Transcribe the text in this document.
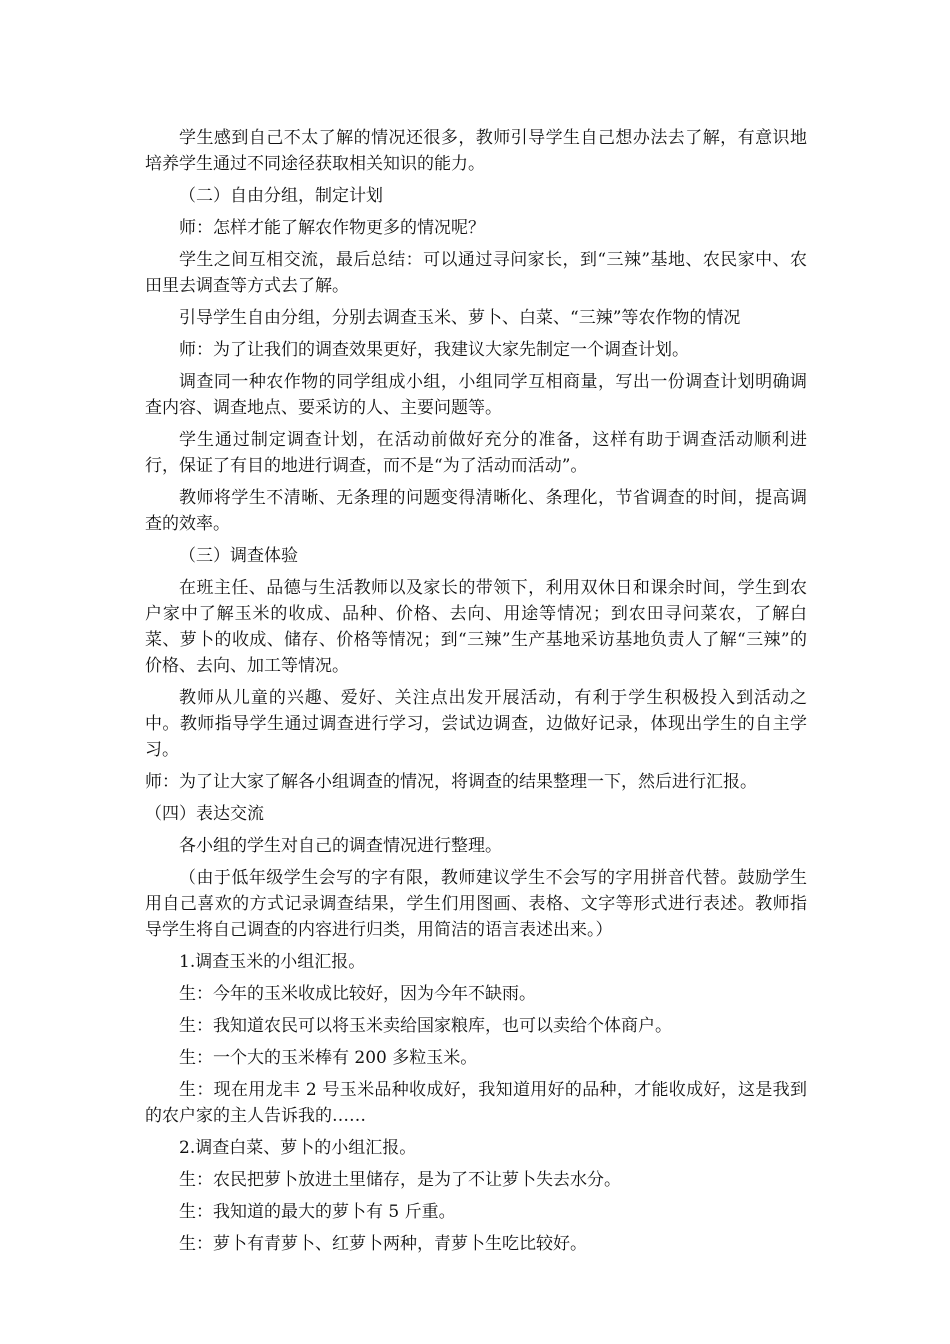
学生感到自己不太了解的情况还很多，教师引导学生自己想办法去了解，有意识地培养学生通过不同途径获取相关知识的能力。

（二）自由分组，制定计划

师：怎样才能了解农作物更多的情况呢？

学生之间互相交流，最后总结：可以通过寻问家长，到“三辣”基地、农民家中、农田里去调查等方式去了解。

引导学生自由分组，分别去调查玉米、萝卜、白菜、“三辣”等农作物的情况

师：为了让我们的调查效果更好，我建议大家先制定一个调查计划。

调查同一种农作物的同学组成小组，小组同学互相商量，写出一份调查计划明确调查内容、调查地点、要采访的人、主要问题等。

学生通过制定调查计划，在活动前做好充分的准备，这样有助于调查活动顺利进行，保证了有目的地进行调查，而不是“为了活动而活动”。

教师将学生不清晰、无条理的问题变得清晰化、条理化，节省调查的时间，提高调查的效率。

（三）调查体验

在班主任、品德与生活教师以及家长的带领下，利用双休日和课余时间，学生到农户家中了解玉米的收成、品种、价格、去向、用途等情况；到农田寻问菜农，了解白菜、萝卜的收成、储存、价格等情况；到“三辣”生产基地采访基地负责人了解“三辣”的价格、去向、加工等情况。

教师从儿童的兴趣、爱好、关注点出发开展活动，有利于学生积极投入到活动之中。教师指导学生通过调查进行学习，尝试边调查，边做好记录，体现出学生的自主学习。

师：为了让大家了解各小组调查的情况，将调查的结果整理一下，然后进行汇报。

（四）表达交流

各小组的学生对自己的调查情况进行整理。

（由于低年级学生会写的字有限，教师建议学生不会写的字用拼音代替。鼓励学生用自己喜欢的方式记录调查结果，学生们用图画、表格、文字等形式进行表述。教师指导学生将自己调查的内容进行归类，用简洁的语言表述出来。）

1.调查玉米的小组汇报。

生：今年的玉米收成比较好，因为今年不缺雨。

生：我知道农民可以将玉米卖给国家粮库，也可以卖给个体商户。

生：一个大的玉米棒有 200 多粒玉米。

生：现在用龙丰 2 号玉米品种收成好，我知道用好的品种，才能收成好，这是我到的农户家的主人告诉我的……

2.调查白菜、萝卜的小组汇报。

生：农民把萝卜放进土里储存，是为了不让萝卜失去水分。

生：我知道的最大的萝卜有 5 斤重。

生：萝卜有青萝卜、红萝卜两种，青萝卜生吃比较好。
